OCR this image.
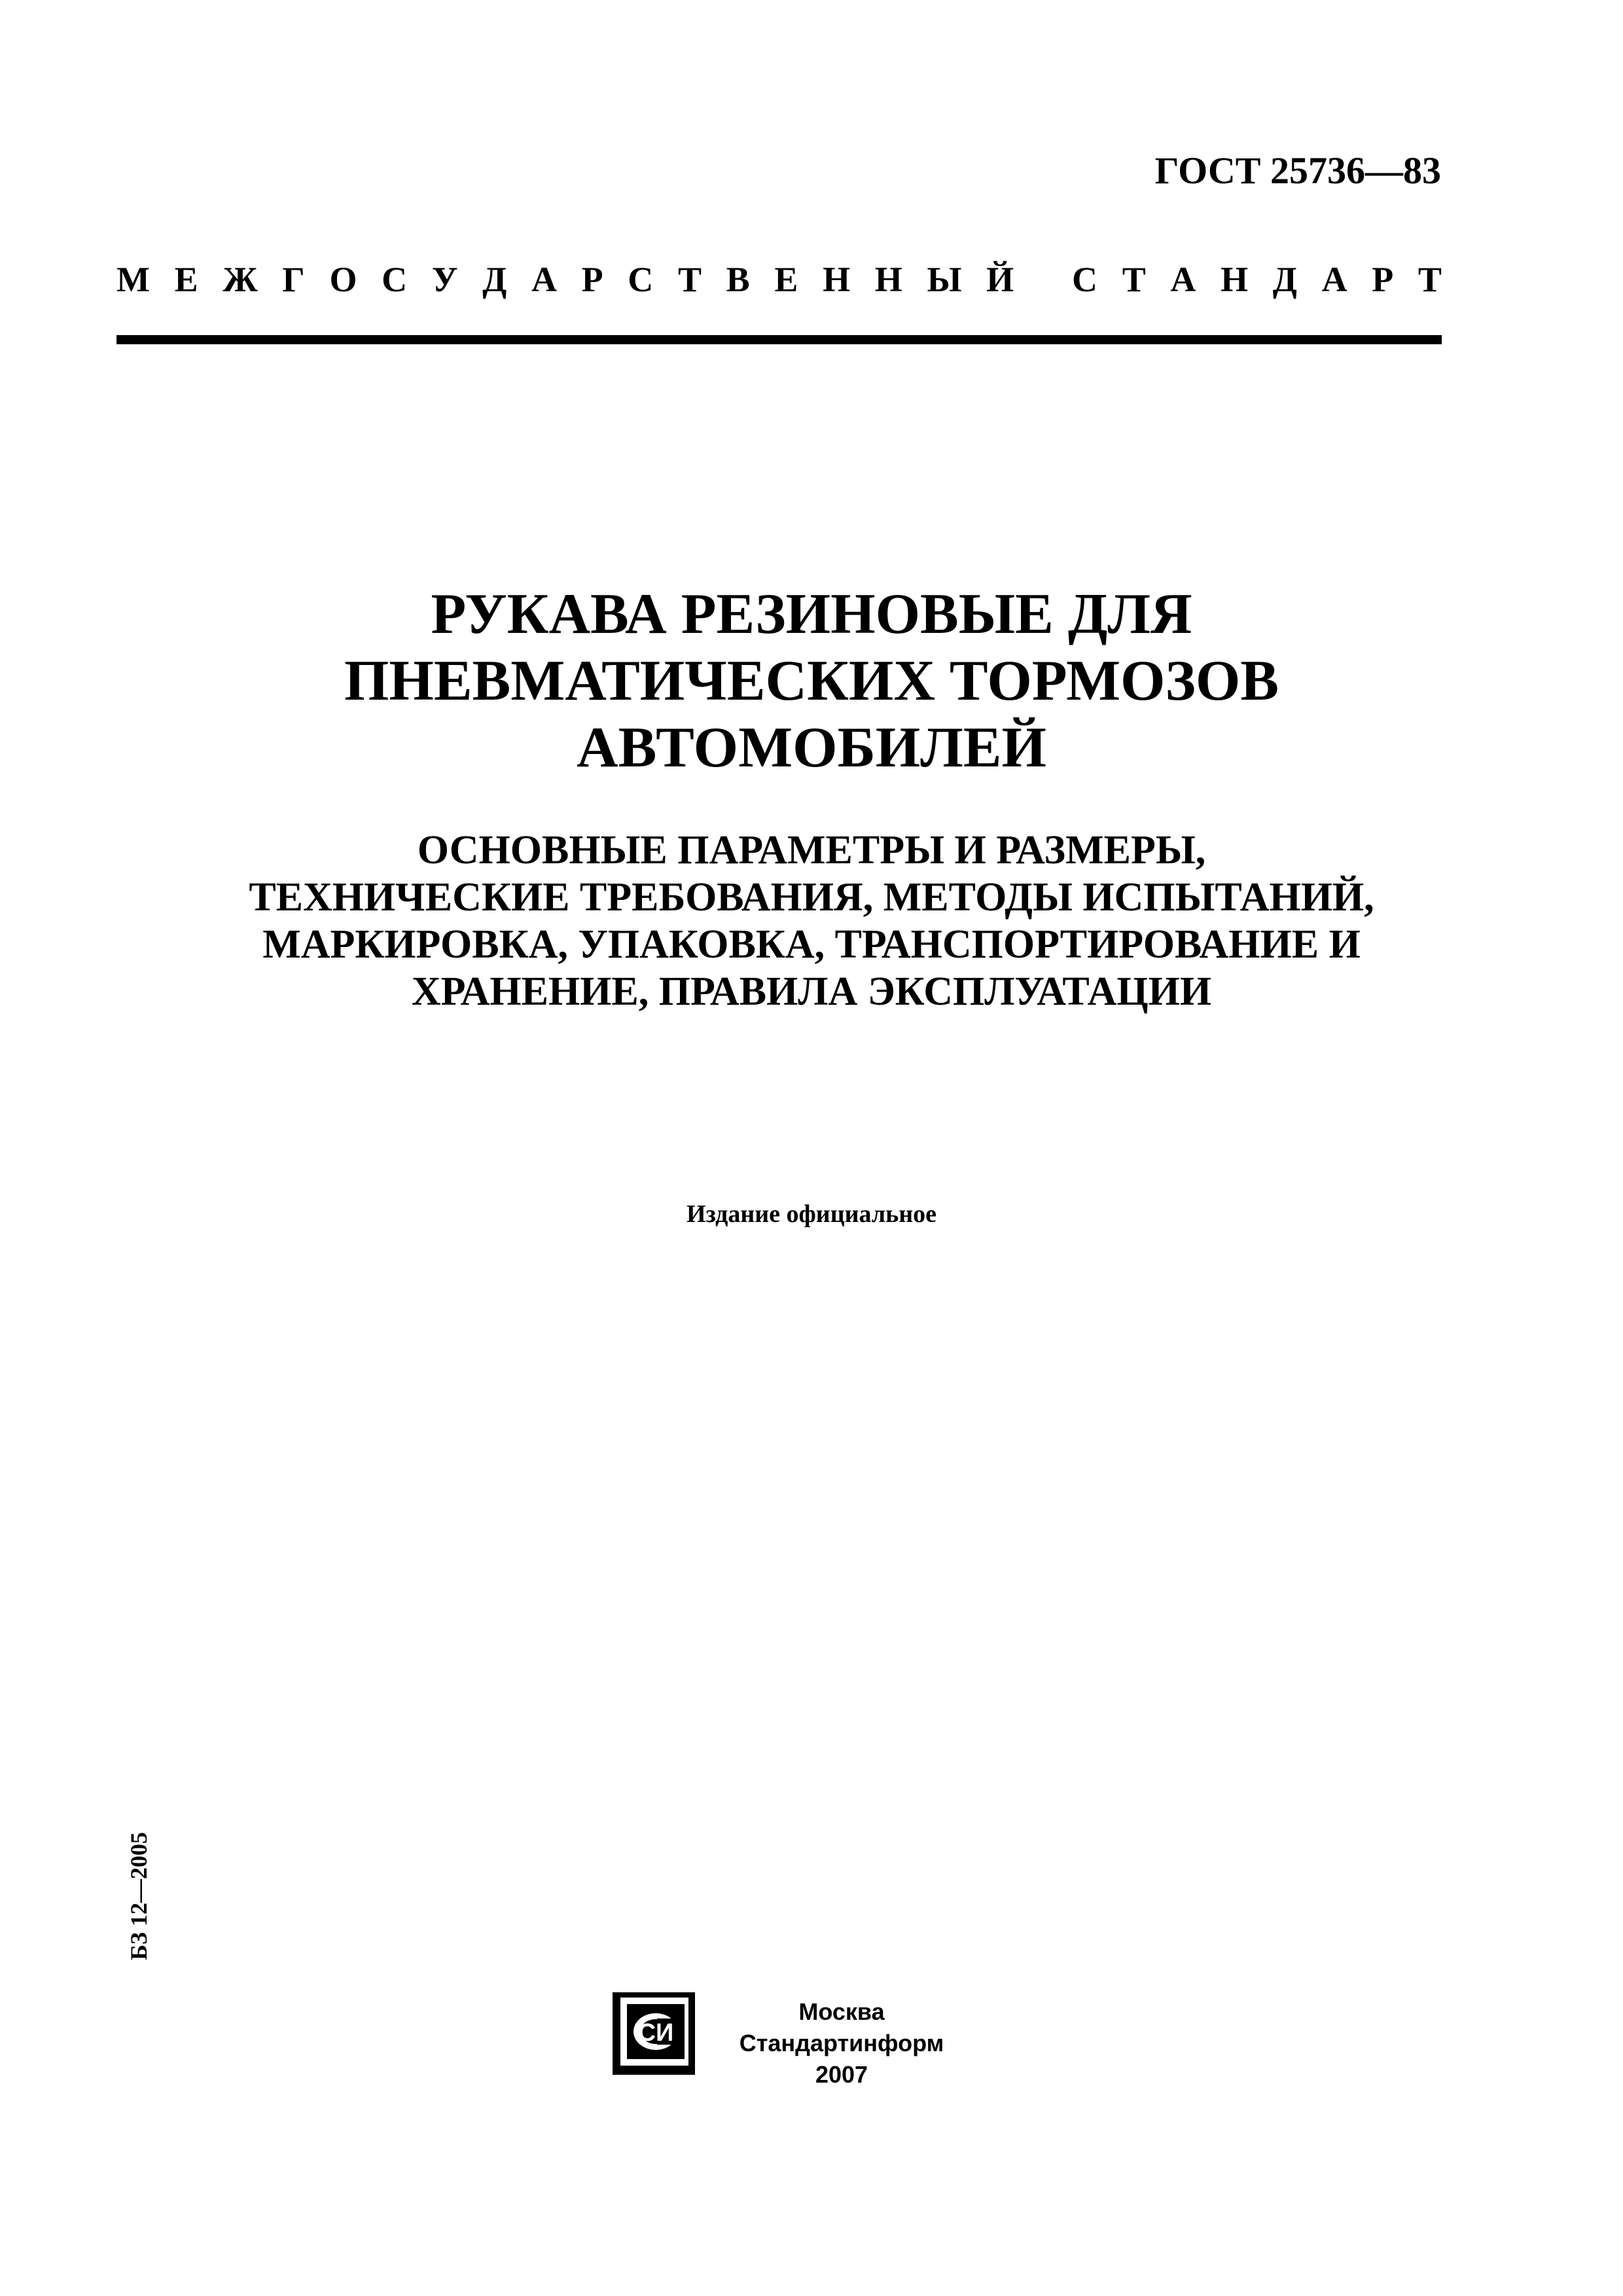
ГОСТ 25736—83
М Е Ж Г О С У Д А Р С Т В Е Н Н Ы Й
С Т А Н Д А Р Т
РУКАВА РЕЗИНОВЫЕ ДЛЯ
ПНЕВМАТИЧЕСКИХ ТОРМОЗОВ
АВТОМОБИЛЕЙ
ОСНОВНЫЕ ПАРАМЕТРЫ И РАЗМЕРЫ,
ТЕХНИЧЕСКИЕ ТРЕБОВАНИЯ, МЕТОДЫ ИСПЫТАНИЙ,
МАРКИРОВКА, УПАКОВКА, ТРАНСПОРТИРОВАНИЕ И
ХРАНЕНИЕ, ПРАВИЛА ЭКСПЛУАТАЦИИ
Издание официальное
БЗ 12—2005
СИ
Москва
Стандартинформ
2007
